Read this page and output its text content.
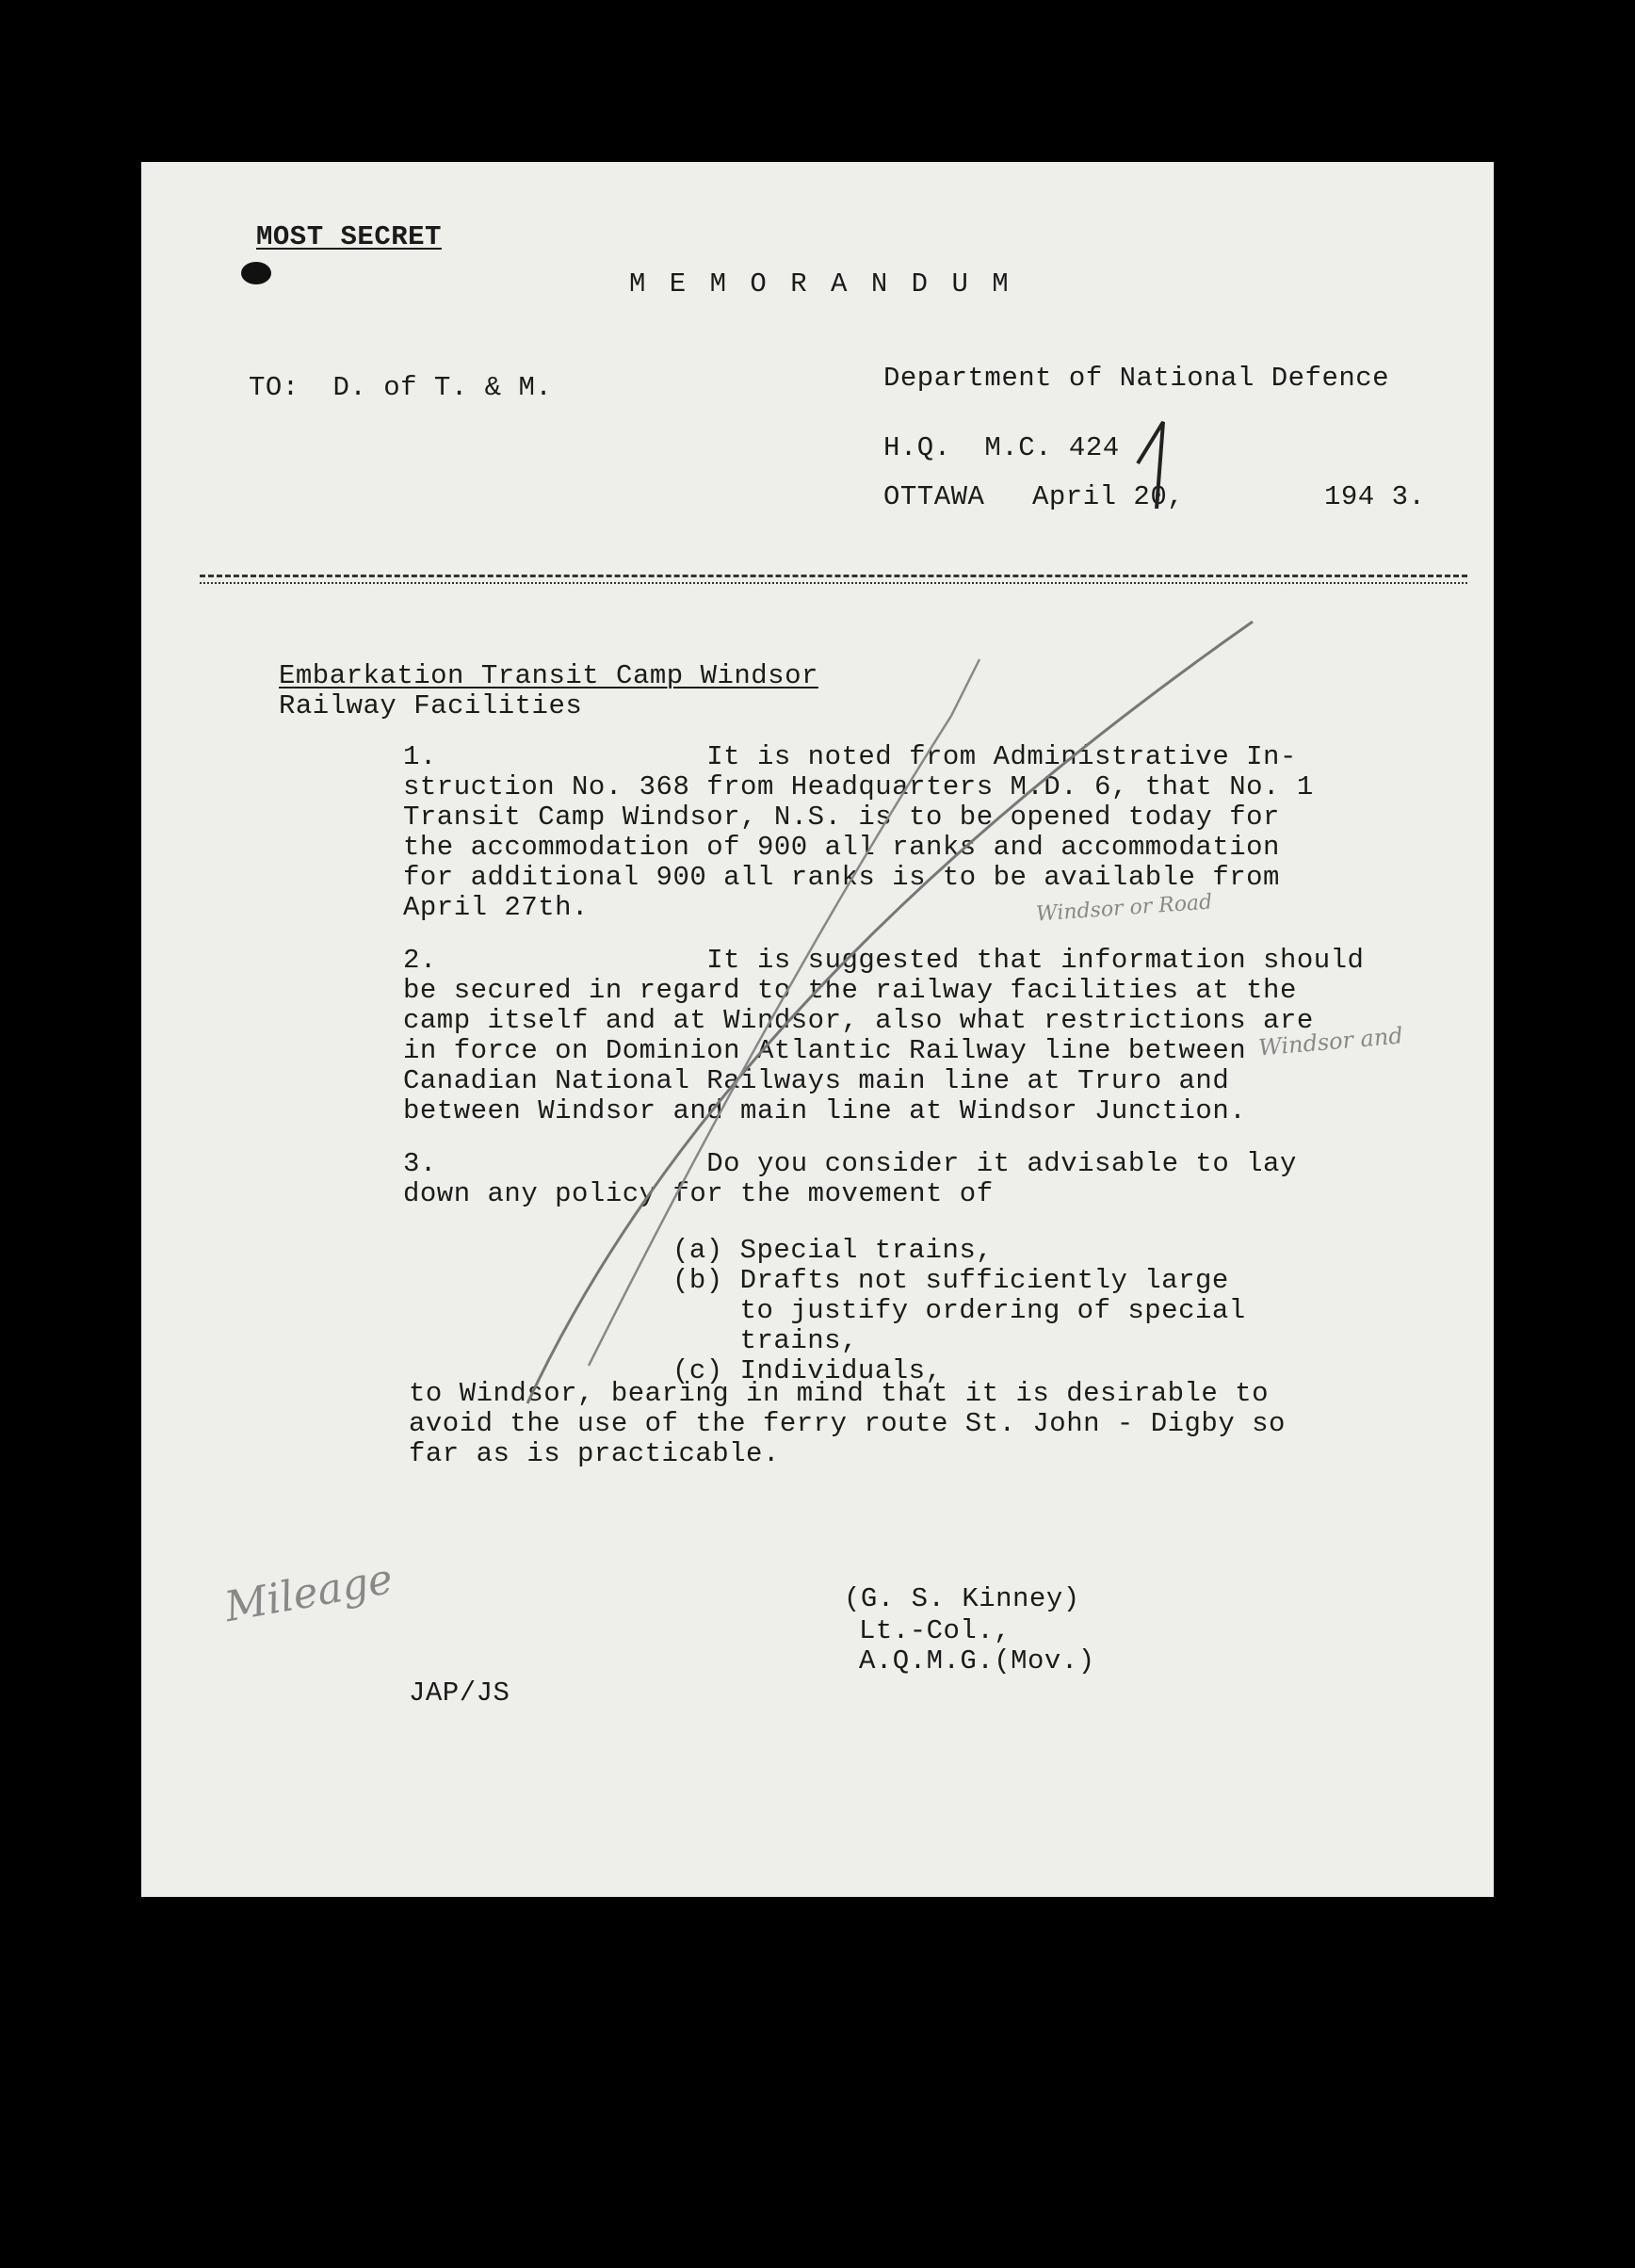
MOST SECRET
M E M O R A N D U M
TO:  D. of T. & M.	Department of National Defence
H.Q.  M.C. 424
OTTAWA April 20,	194 3.
Embarkation Transit Camp Windsor
Railway Facilities
1.                It is noted from Administrative In-
struction No. 368 from Headquarters M.D. 6, that No. 1
Transit Camp Windsor, N.S. is to be opened today for
the accommodation of 900 all ranks and accommodation
for additional 900 all ranks is to be available from
April 27th.
2.                It is suggested that information should
be secured in regard to the railway facilities at the
camp itself and at Windsor, also what restrictions are
in force on Dominion Atlantic Railway line between
Canadian National Railways main line at Truro and
between Windsor and main line at Windsor Junction.
3.                Do you consider it advisable to lay
down any policy for the movement of
(a) Special trains,
(b) Drafts not sufficiently large
to justify ordering of special
trains,
(c) Individuals,
to Windsor, bearing in mind that it is desirable to
avoid the use of the ferry route St. John - Digby so
far as is practicable.
(G. S. Kinney)
Lt.-Col.,
A.Q.M.G.(Mov.)
JAP/JS
Windsor or Road
Windsor and
Mileage
